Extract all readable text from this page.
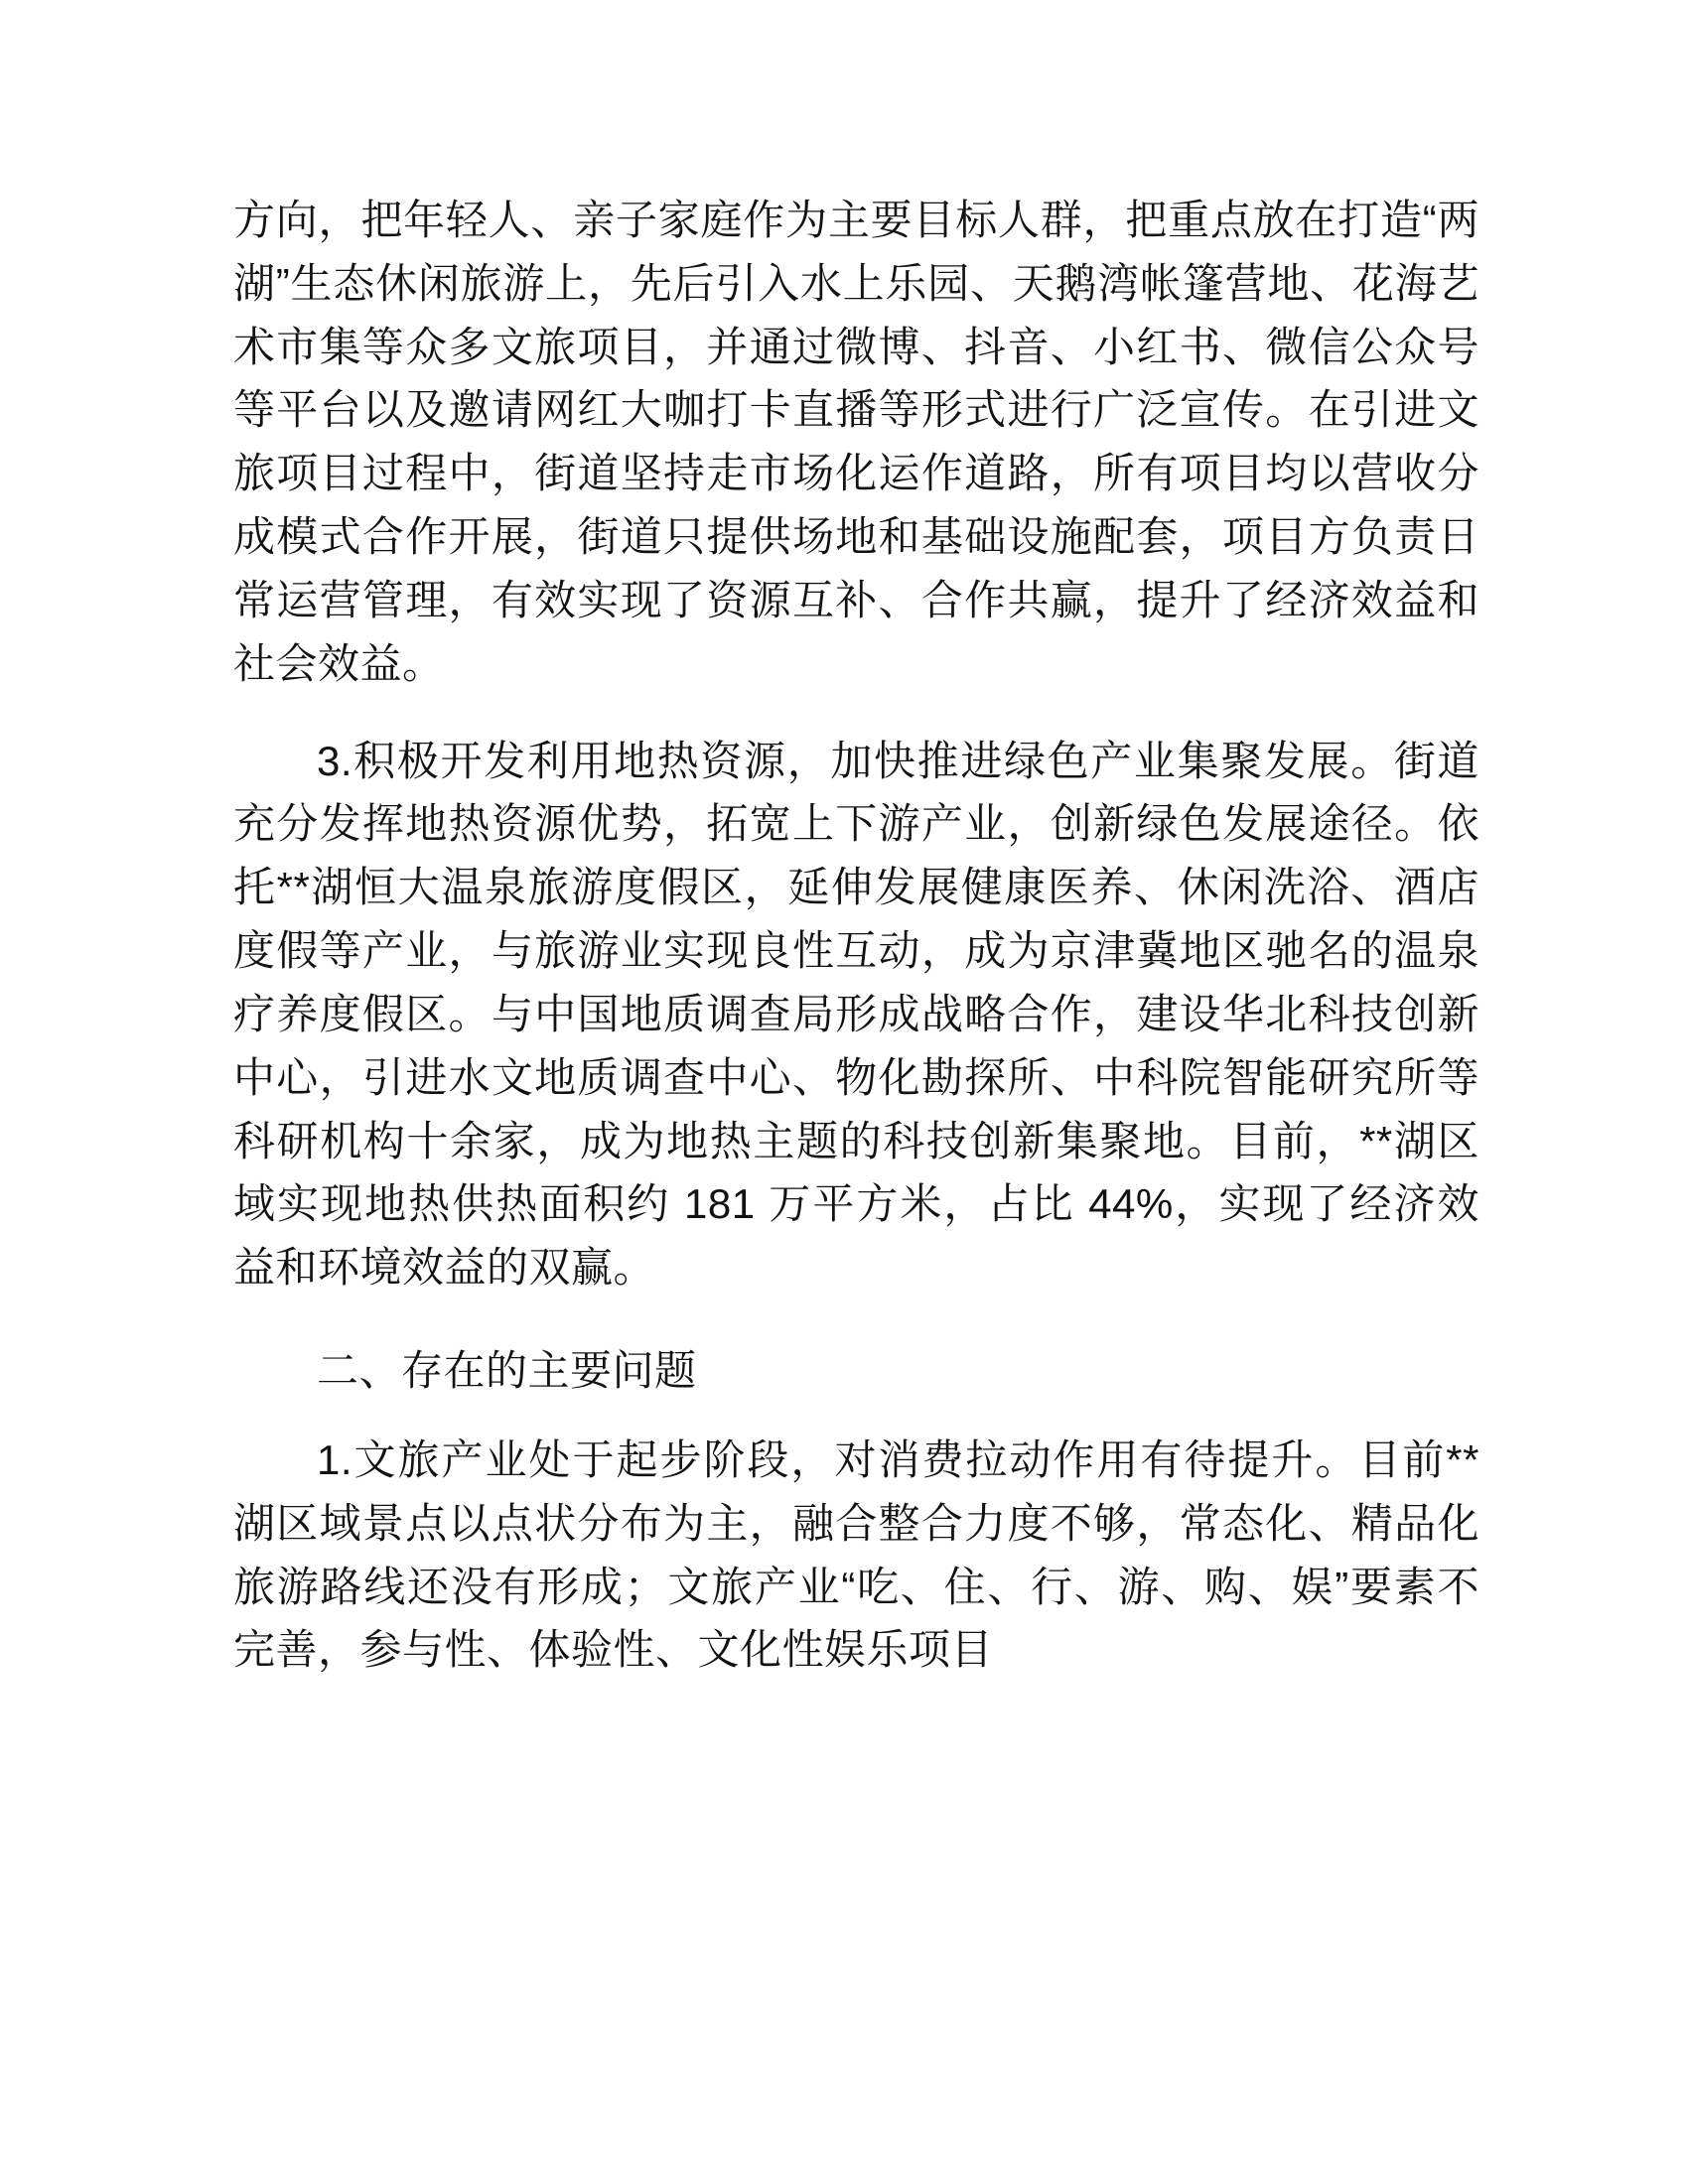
方向，把年轻人、亲子家庭作为主要目标人群，把重点放在打造“两湖”生态休闲旅游上，先后引入水上乐园、天鹅湾帐篷营地、花海艺术市集等众多文旅项目，并通过微博、抖音、小红书、微信公众号等平台以及邀请网红大咖打卡直播等形式进行广泛宣传。在引进文旅项目过程中，街道坚持走市场化运作道路，所有项目均以营收分成模式合作开展，街道只提供场地和基础设施配套，项目方负责日常运营管理，有效实现了资源互补、合作共赢，提升了经济效益和社会效益。

3.积极开发利用地热资源，加快推进绿色产业集聚发展。街道充分发挥地热资源优势，拓宽上下游产业，创新绿色发展途径。依托**湖恒大温泉旅游度假区，延伸发展健康医养、休闲洗浴、酒店度假等产业，与旅游业实现良性互动，成为京津冀地区驰名的温泉疗养度假区。与中国地质调查局形成战略合作，建设华北科技创新中心，引进水文地质调查中心、物化勘探所、中科院智能研究所等科研机构十余家，成为地热主题的科技创新集聚地。目前，**湖区域实现地热供热面积约 181 万平方米，占比 44%，实现了经济效益和环境效益的双赢。

二、存在的主要问题

1.文旅产业处于起步阶段，对消费拉动作用有待提升。目前**湖区域景点以点状分布为主，融合整合力度不够，常态化、精品化旅游路线还没有形成；文旅产业“吃、住、行、游、购、娱”要素不完善，参与性、体验性、文化性娱乐项目
